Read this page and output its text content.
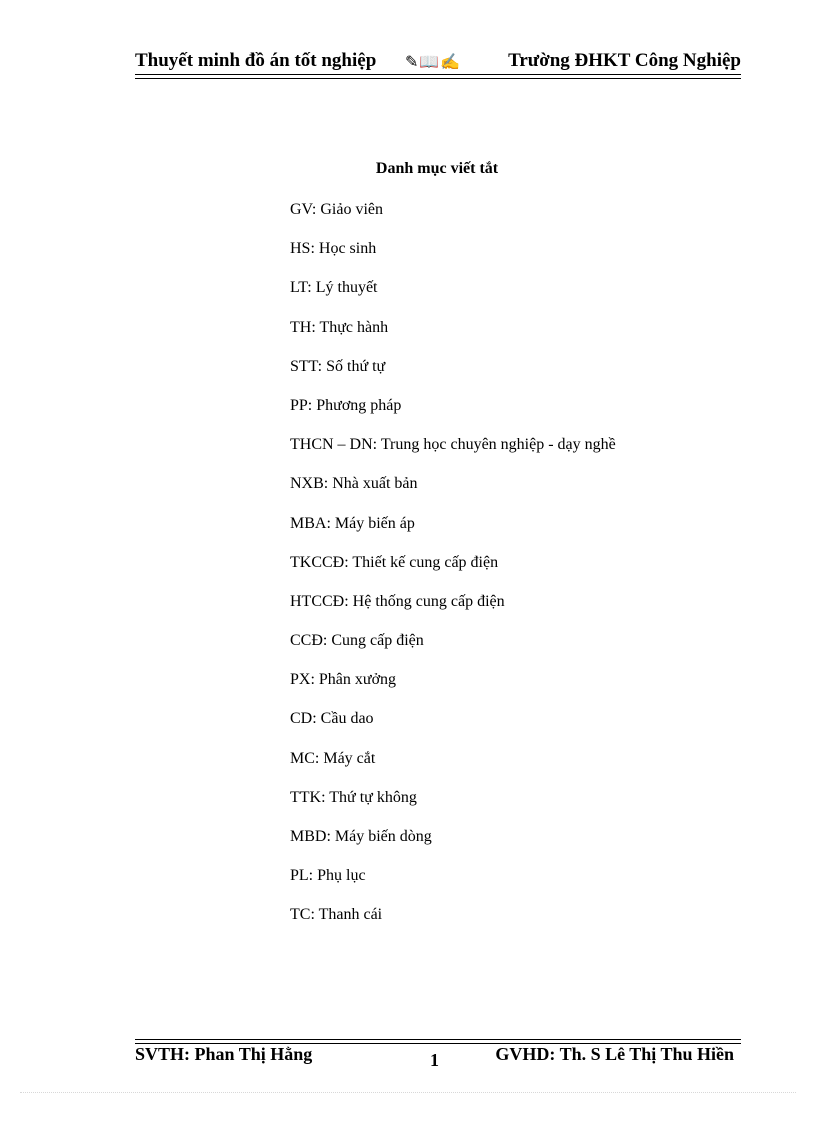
Thuyết minh đồ án tốt nghiệp ✎📖✍ Trường ĐHKT Công Nghiệp
Danh mục viết tắt
GV: Giảo viên
HS: Học sinh
LT: Lý thuyết
TH: Thực hành
STT: Số thứ tự
PP: Phương pháp
THCN – DN: Trung học chuyên nghiệp - dạy nghề
NXB: Nhà xuất bản
MBA: Máy biến áp
TKCCĐ: Thiết kế cung cấp điện
HTCCĐ: Hệ thống cung cấp điện
CCĐ: Cung cấp điện
PX: Phân xưởng
CD: Cầu dao
MC: Máy cắt
TTK: Thứ tự không
MBD: Máy biến dòng
PL: Phụ lục
TC: Thanh cái
SVTH: Phan Thị Hằng	1	GVHD: Th. S Lê Thị Thu Hiền
